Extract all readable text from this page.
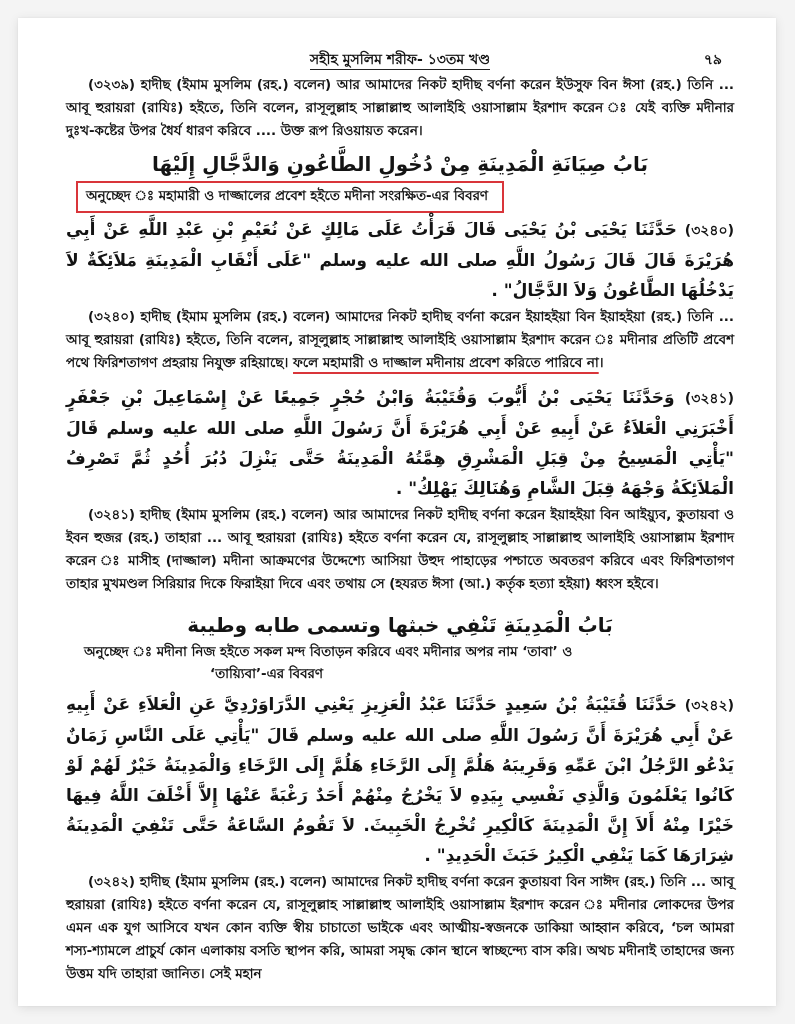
সহীহ মুসলিম শরীফ- ১৩তম খণ্ড	৭৯

(৩২৩৯) হাদীছ (ইমাম মুসলিম (রহ.) বলেন) আর আমাদের নিকট হাদীছ বর্ণনা করেন ইউসুফ বিন ঈসা (রহ.) তিনি ... আবূ হুরায়রা (রাযিঃ) হইতে, তিনি বলেন, রাসূলুল্লাহ সাল্লাল্লাহু আলাইহি ওয়াসাল্লাম ইরশাদ করেন ঃ যেই ব্যক্তি মদীনার দুঃখ-কষ্টের উপর ধৈর্য ধারণ করিবে .... উক্ত রূপ রিওয়ায়ত করেন।

بَابُ صِيَانَةِ الْمَدِينَةِ مِنْ دُخُولِ الطَّاعُونِ وَالدَّجَّالِ إِلَيْهَا
অনুচ্ছেদ ঃ মহামারী ও দাজ্জালের প্রবেশ হইতে মদীনা সংরক্ষিত-এর বিবরণ

(৩২৪০) حَدَّثَنَا يَحْيَى بْنُ يَحْيَى قَالَ قَرَأْتُ عَلَى مَالِكٍ عَنْ نُعَيْمِ بْنِ عَبْدِ اللَّهِ عَنْ أَبِي هُرَيْرَةَ قَالَ قَالَ رَسُولُ اللَّهِ صلى الله عليه وسلم "عَلَى أَنْقَابِ الْمَدِينَةِ مَلاَئِكَةٌ لاَ يَدْخُلُهَا الطَّاعُونُ وَلاَ الدَّجَّالُ" .

(৩২৪০) হাদীছ (ইমাম মুসলিম (রহ.) বলেন) আমাদের নিকট হাদীছ বর্ণনা করেন ইয়াহইয়া বিন ইয়াহইয়া (রহ.) তিনি ... আবূ হুরায়রা (রাযিঃ) হইতে, তিনি বলেন, রাসূলুল্লাহ সাল্লাল্লাহু আলাইহি ওয়াসাল্লাম ইরশাদ করেন ঃ মদীনার প্রতিটি প্রবেশ পথে ফিরিশতাগণ প্রহরায় নিযুক্ত রহিয়াছে। ফলে মহামারী ও দাজ্জাল মদীনায় প্রবেশ করিতে পারিবে না।

(৩২৪১) وَحَدَّثَنَا يَحْيَى بْنُ أَيُّوبَ وَقُتَيْبَةُ وَابْنُ حُجْرٍ جَمِيعًا عَنْ إِسْمَاعِيلَ بْنِ جَعْفَرٍ أَخْبَرَنِي الْعَلاَءُ عَنْ أَبِيهِ عَنْ أَبِي هُرَيْرَةَ أَنَّ رَسُولَ اللَّهِ صلى الله عليه وسلم قَالَ "يَأْتِي الْمَسِيحُ مِنْ قِبَلِ الْمَشْرِقِ هِمَّتُهُ الْمَدِينَةُ حَتَّى يَنْزِلَ دُبُرَ أُحُدٍ ثُمَّ تَصْرِفُ الْمَلاَئِكَةُ وَجْهَهُ قِبَلَ الشَّامِ وَهُنَالِكَ يَهْلِكُ" .

(৩২৪১) হাদীছ (ইমাম মুসলিম (রহ.) বলেন) আর আমাদের নিকট হাদীছ বর্ণনা করেন ইয়াহইয়া বিন আইয়্যুব, কুতায়বা ও ইবন হুজর (রহ.) তাহারা ... আবূ হুরায়রা (রাযিঃ) হইতে বর্ণনা করেন যে, রাসূলুল্লাহ সাল্লাল্লাহু আলাইহি ওয়াসাল্লাম ইরশাদ করেন ঃ মাসীহ (দাজ্জাল) মদীনা আক্রমণের উদ্দেশ্যে আসিয়া উহুদ পাহাড়ের পশ্চাতে অবতরণ করিবে এবং ফিরিশতাগণ তাহার মুখমণ্ডল সিরিয়ার দিকে ফিরাইয়া দিবে এবং তথায় সে (হযরত ঈসা (আ.) কর্তৃক হত্যা হইয়া) ধ্বংস হইবে।

بَابُ الْمَدِينَةِ تَنْفِي خبثها وتسمى طابه وطيبة
অনুচ্ছেদ ঃ মদীনা নিজ হইতে সকল মন্দ বিতাড়ন করিবে এবং মদীনার অপর নাম ‘তাবা’ ও
‘তায়্যিবা’-এর বিবরণ

(৩২৪২) حَدَّثَنَا قُتَيْبَةُ بْنُ سَعِيدٍ حَدَّثَنَا عَبْدُ الْعَزِيزِ يَعْنِي الدَّرَاوَرْدِيَّ عَنِ الْعَلاَءِ عَنْ أَبِيهِ عَنْ أَبِي هُرَيْرَةَ أَنَّ رَسُولَ اللَّهِ صلى الله عليه وسلم قَالَ "يَأْتِي عَلَى النَّاسِ زَمَانٌ يَدْعُو الرَّجُلُ ابْنَ عَمِّهِ وَقَرِيبَهُ هَلُمَّ إِلَى الرَّخَاءِ هَلُمَّ إِلَى الرَّخَاءِ وَالْمَدِينَةُ خَيْرٌ لَهُمْ لَوْ كَانُوا يَعْلَمُونَ وَالَّذِي نَفْسِي بِيَدِهِ لاَ يَخْرُجُ مِنْهُمْ أَحَدٌ رَغْبَةً عَنْهَا إِلاَّ أَخْلَفَ اللَّهُ فِيهَا خَيْرًا مِنْهُ أَلاَ إِنَّ الْمَدِينَةَ كَالْكِيرِ تُخْرِجُ الْخَبِيثَ. لاَ تَقُومُ السَّاعَةُ حَتَّى تَنْفِيَ الْمَدِينَةُ شِرَارَهَا كَمَا يَنْفِي الْكِيرُ خَبَثَ الْحَدِيدِ" .

(৩২৪২) হাদীছ (ইমাম মুসলিম (রহ.) বলেন) আমাদের নিকট হাদীছ বর্ণনা করেন কুতায়বা বিন সাঈদ (রহ.) তিনি ... আবূ হুরায়রা (রাযিঃ) হইতে বর্ণনা করেন যে, রাসূলুল্লাহ সাল্লাল্লাহু আলাইহি ওয়াসাল্লাম ইরশাদ করেন ঃ মদীনার লোকদের উপর এমন এক যুগ আসিবে যখন কোন ব্যক্তি স্বীয় চাচাতো ভাইকে এবং আত্মীয়-স্বজনকে ডাকিয়া আহ্বান করিবে, ‘চল আমরা শস্য-শ্যামলে প্রাচুর্য কোন এলাকায় বসতি স্থাপন করি, আমরা সমৃদ্ধ কোন স্থানে স্বাচ্ছন্দ্যে বাস করি। অথচ মদীনাই তাহাদের জন্য উত্তম যদি তাহারা জানিত। সেই মহান
